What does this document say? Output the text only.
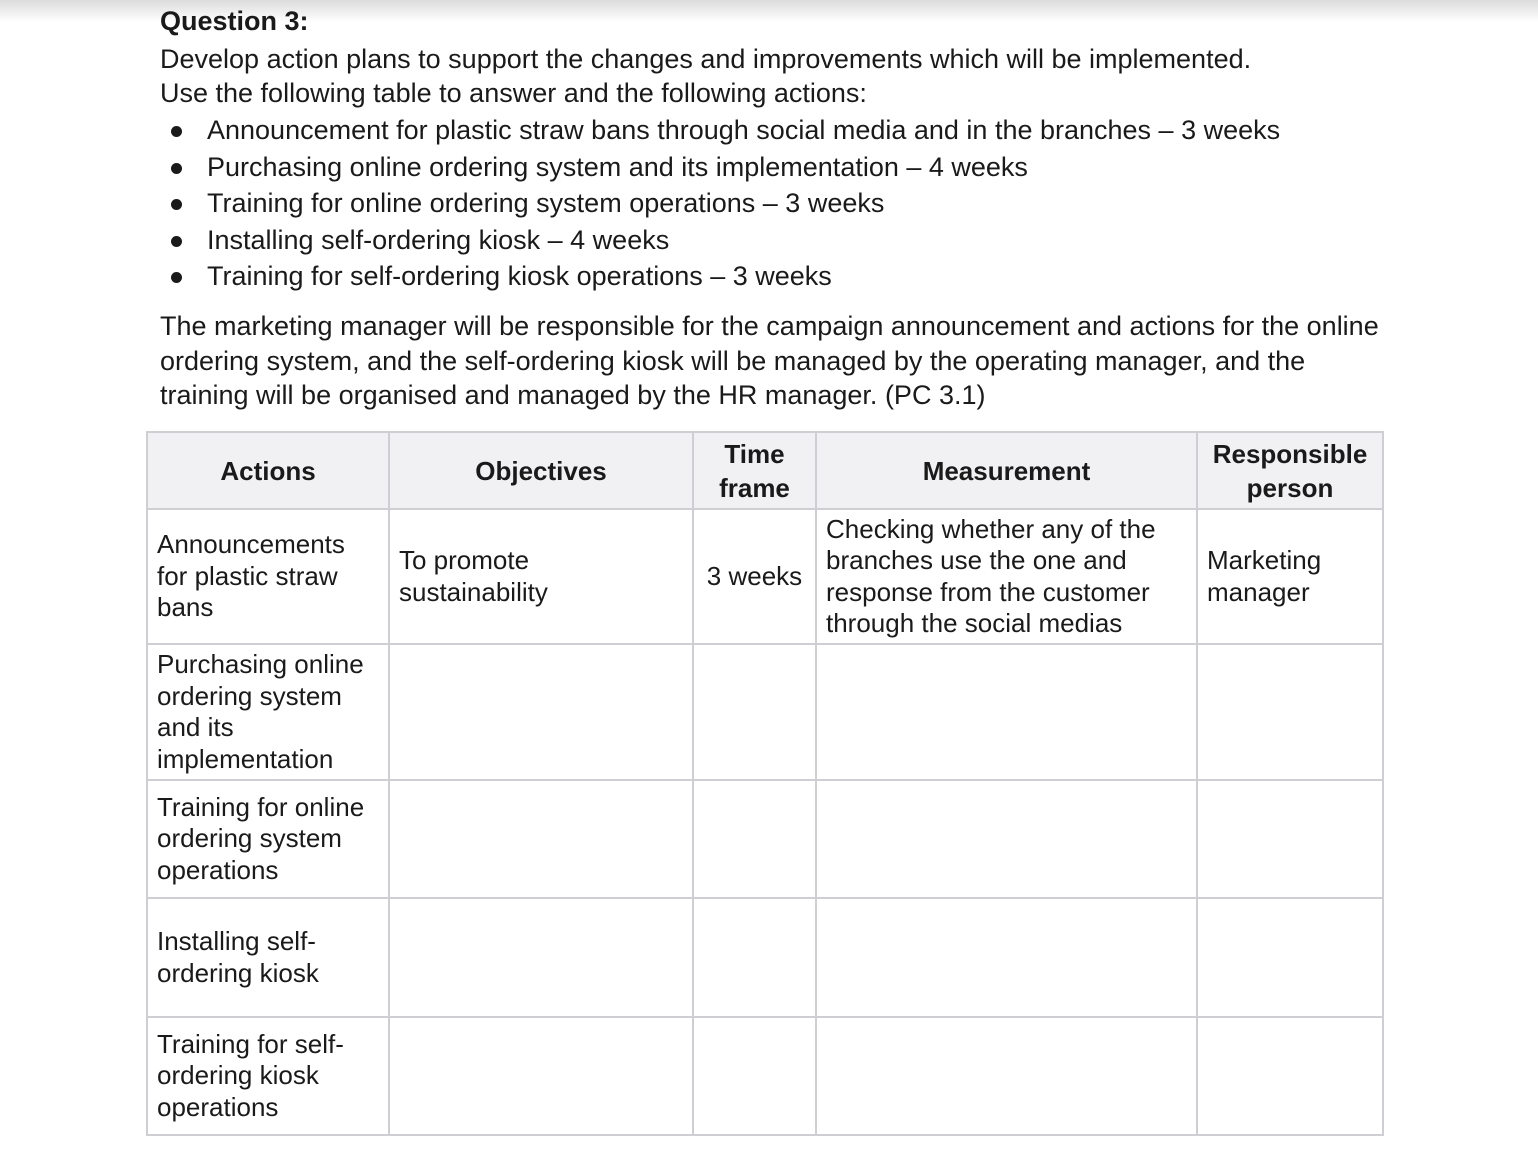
Question 3:
Develop action plans to support the changes and improvements which will be implemented.
Use the following table to answer and the following actions:
Announcement for plastic straw bans through social media and in the branches – 3 weeks
Purchasing online ordering system and its implementation – 4 weeks
Training for online ordering system operations – 3 weeks
Installing self-ordering kiosk – 4 weeks
Training for self-ordering kiosk operations – 3 weeks
The marketing manager will be responsible for the campaign announcement and actions for the online ordering system, and the self-ordering kiosk will be managed by the operating manager, and the training will be organised and managed by the HR manager. (PC 3.1)
Actions	Objectives	Time frame	Measurement	Responsible person
Announcements for plastic straw bans	To promote sustainability	3 weeks	Checking whether any of the branches use the one and response from the customer through the social medias	Marketing manager
Purchasing online ordering system and its implementation				
Training for online ordering system operations				
Installing self-ordering kiosk				
Training for self-ordering kiosk operations				
